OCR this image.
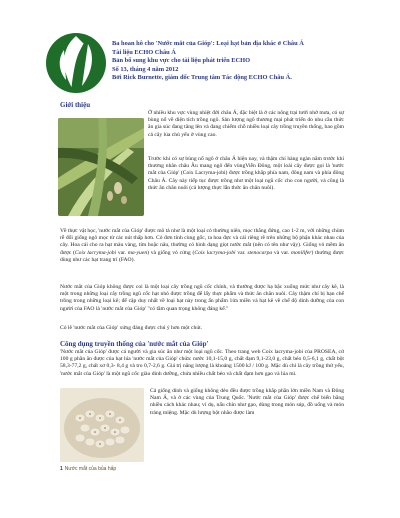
Ba hoan hô cho 'Nước mắt của Gióp': Loại hạt bản địa khác ở Châu Á
Tài liệu ECHO Châu Á
Bản bổ sung khu vực cho tài liệu phát triển ECHO
Số 13, tháng 4 năm 2012
Bởi Rick Burnette, giám đốc Trung tâm Tác động ECHO Châu Á.
Giới thiệu
Ở nhiều khu vực vùng nhiệt đới châu Á, đặc biệt là ở các nông trại tưới nhờ mưa, có sự bùng nổ về diện tích trồng ngô. Sản lượng ngô thương mại phát triển do nhu cầu thức ăn gia súc đang tăng lên và đang chiếm chỗ nhiều loại cây trồng truyền thống, bao gồm cả cây lúa chủ yếu ở vùng cao.
Trước khi có sự bùng nổ ngô ở châu Á hiện nay, và thậm chí hàng ngàn năm trước khi thương nhân châu Âu mang ngô đến vùngViễn Đông, một loài cây được gọi là 'nước mắt của Gióp' (Coix Lacryma-jobi) được trồng khắp phía nam, đông nam và phía đông Châu Á. Cây này tiếp tục được trồng như một loại ngũ cốc cho con người, và cũng là thức ăn chăn nuôi (cả lượng thực lẫn thức ăn chăn nuôi).
Về thực vật học, 'nước mắt của Gióp' được mô tả như là một loại cỏ thường niên, mọc thẳng đứng, cao 1-2 m, với những chùm rễ đổi giống ngô mọc từ các nút thấp hơn. Cỏ đơn tính cùng gốc, ra hoa đực và cái riêng rẽ trên những bộ phận khác nhau của cây. Hoa cái cho ra hạt màu vàng, tím hoặc nâu, thường có hình dạng giọt nước mắt (nên có tên như vậy). Giống vỏ mềm ăn được (Coix lacryma-jobi var. ma-yuen) và giống vỏ cứng (Coix lacryma-jobi var. stenocarpa và var. monilifer) thường được dùng như các hạt trang trí (FAO).
Nước mắt của Gióp không được coi là một loại cây trồng ngũ cốc chính, và thường được hạ bậc xuống mức như cây kê, là một trong những loại cây trồng ngũ cốc hạt nhỏ được trồng để lấy thực phẩm và thức ăn chăn nuôi. Cây thậm chí bị hạn chế trồng trong những loại kê; để cập duy nhất về loại hạt này trong ấn phẩm 1ửa miền và hạt kê về chế độ dinh dưỡng của con người của FAO là 'nước mắt của Gióp' "có tầm quan trọng không đáng kể."
Có lẽ 'nước mắt của Gióp' xứng đáng được chú ý hơn một chút.
Công dụng truyền thống của 'nước mắt của Gióp'
'Nước mắt của Gióp' được cả người và gia súc ăn như một loại ngũ cốc. Theo trang web Coix lacryma-jobi của PROSEA, cứ 100 g phần ăn được của hạt lúa 'nước mắt của Gióp' chứa: nước 10,1-15,0 g, chất đạm 9,1-23,0 g, chất béo 0,5-6,1 g, chất bột 58,3-77,2 g, chất xơ 0,3- 8,4 g và tro 0,7-2,6 g. Giá trị năng lượng là khoảng 1500 kJ / 100 g. Mặc dù chỉ là cây trồng thứ yếu, 'nước mắt của Gióp' là một ngũ cốc giàu dinh dưỡng, chứa nhiều chất béo và chất đạm hơn gạo và lúa mì.
1 Nước mắt của bủa hấp
Cả giống dính và giống không dẻo đều được trồng khắp phần lớn miền Nam và Đông Nam Á, và ở các vùng của Trung Quốc. 'Nước mắt của Gióp' được chế biến bằng nhiều cách khác nhau; ví dụ, nấu chín như gạo, dùng trong món súp, đồ uống và món tráng miệng. Mặc dù lượng bột nhão được làm
